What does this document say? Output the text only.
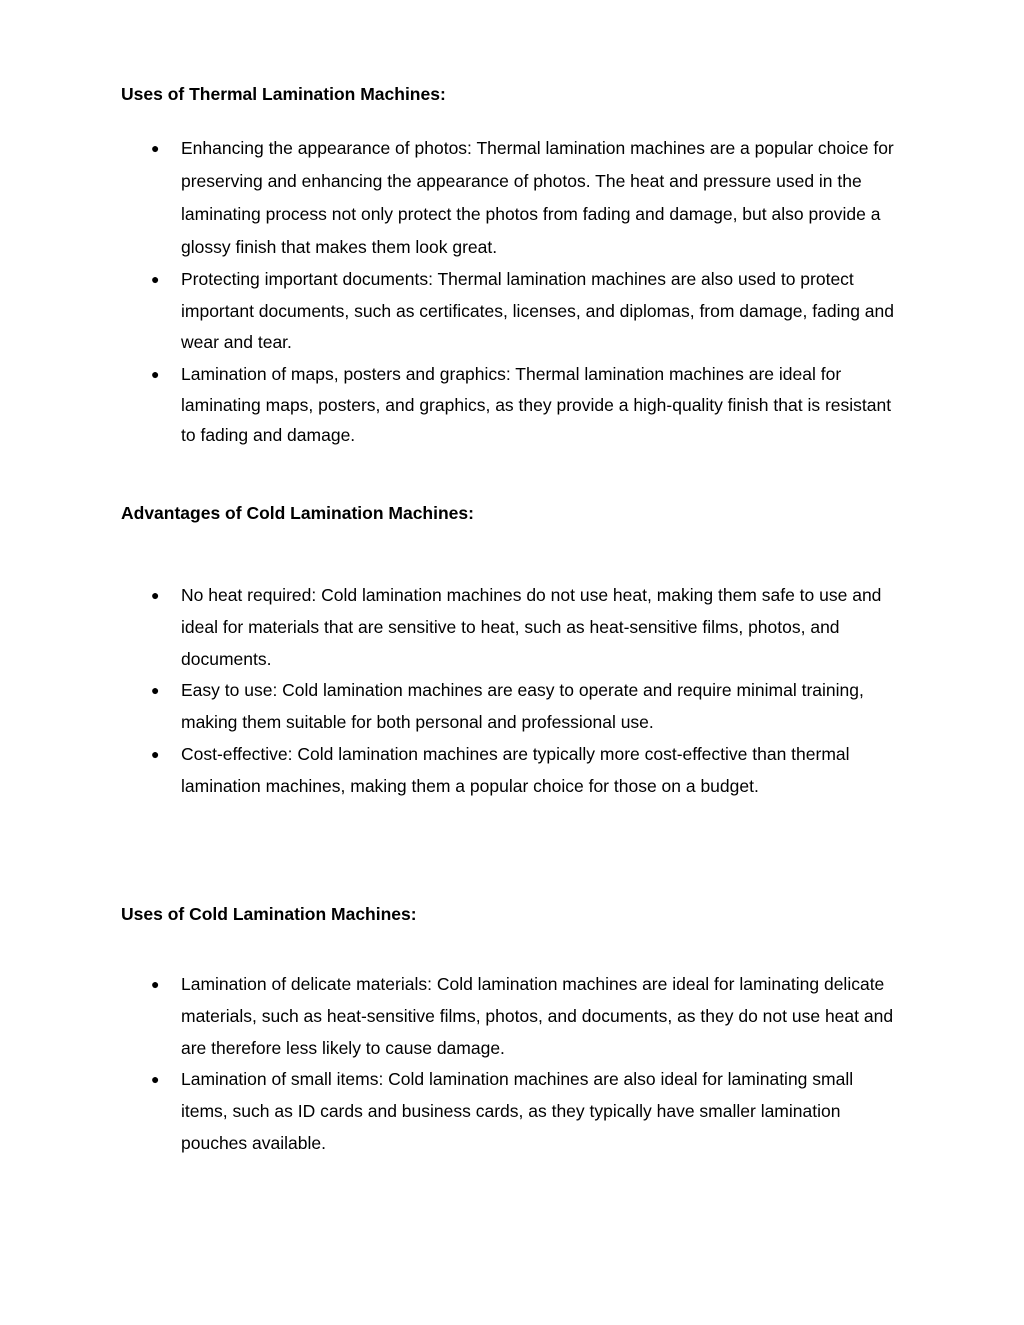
Uses of Thermal Lamination Machines:
● Enhancing the appearance of photos: Thermal lamination machines are a popular choice for preserving and enhancing the appearance of photos. The heat and pressure used in the laminating process not only protect the photos from fading and damage, but also provide a glossy finish that makes them look great.
● Protecting important documents: Thermal lamination machines are also used to protect important documents, such as certificates, licenses, and diplomas, from damage, fading and wear and tear.
● Lamination of maps, posters and graphics: Thermal lamination machines are ideal for laminating maps, posters, and graphics, as they provide a high-quality finish that is resistant to fading and damage.
Advantages of Cold Lamination Machines:
● No heat required: Cold lamination machines do not use heat, making them safe to use and ideal for materials that are sensitive to heat, such as heat-sensitive films, photos, and documents.
● Easy to use: Cold lamination machines are easy to operate and require minimal training, making them suitable for both personal and professional use.
● Cost-effective: Cold lamination machines are typically more cost-effective than thermal lamination machines, making them a popular choice for those on a budget.
Uses of Cold Lamination Machines:
● Lamination of delicate materials: Cold lamination machines are ideal for laminating delicate materials, such as heat-sensitive films, photos, and documents, as they do not use heat and are therefore less likely to cause damage.
● Lamination of small items: Cold lamination machines are also ideal for laminating small items, such as ID cards and business cards, as they typically have smaller lamination pouches available.
